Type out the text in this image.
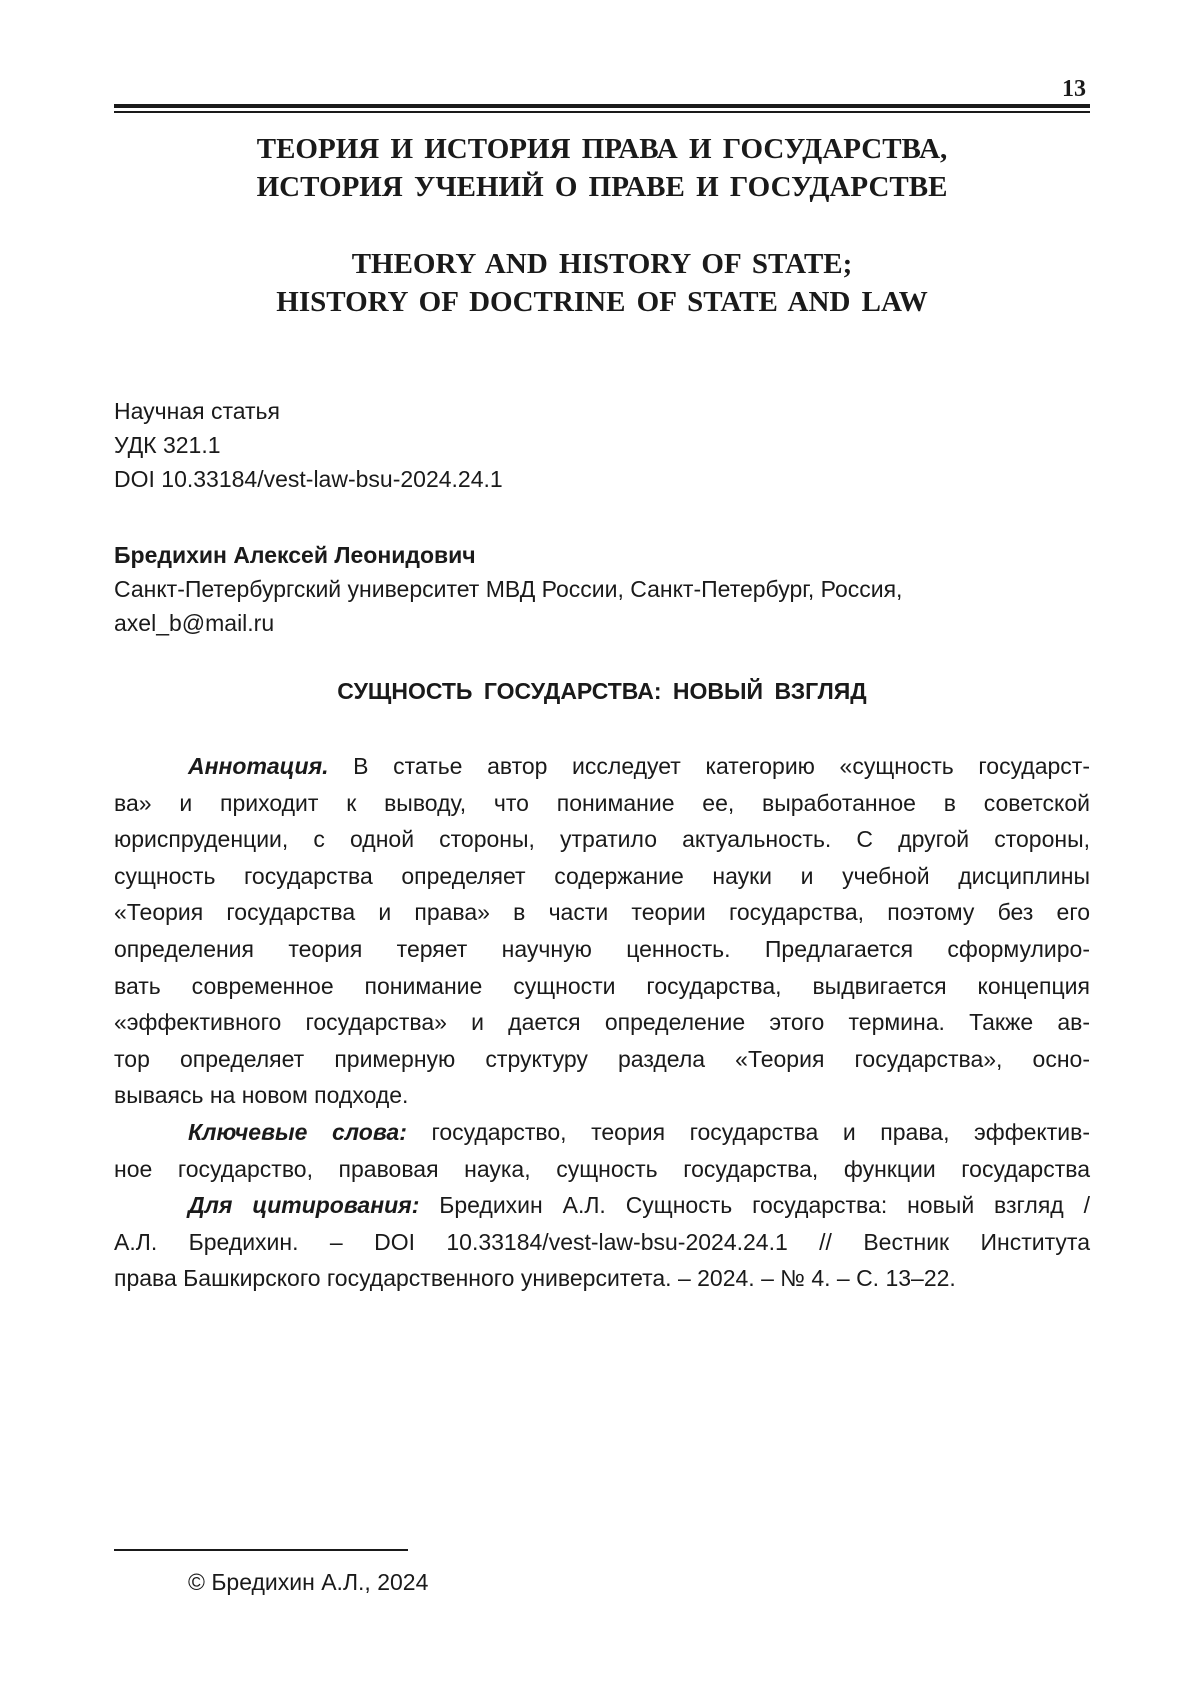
13
ТЕОРИЯ И ИСТОРИЯ ПРАВА И ГОСУДАРСТВА,
ИСТОРИЯ УЧЕНИЙ О ПРАВЕ И ГОСУДАРСТВЕ
THEORY AND HISTORY OF STATE;
HISTORY OF DOCTRINE OF STATE AND LAW
Научная статья
УДК 321.1
DOI 10.33184/vest-law-bsu-2024.24.1
Бредихин Алексей Леонидович
Санкт-Петербургский университет МВД России, Санкт-Петербург, Россия,
axel_b@mail.ru
СУЩНОСТЬ ГОСУДАРСТВА: НОВЫЙ ВЗГЛЯД
Аннотация. В статье автор исследует категорию «сущность государст-
ва» и приходит к выводу, что понимание ее, выработанное в советской
юриспруденции, с одной стороны, утратило актуальность. С другой стороны,
сущность государства определяет содержание науки и учебной дисциплины
«Теория государства и права» в части теории государства, поэтому без его
определения теория теряет научную ценность. Предлагается сформулиро-
вать современное понимание сущности государства, выдвигается концепция
«эффективного государства» и дается определение этого термина. Также ав-
тор определяет примерную структуру раздела «Теория государства», осно-
вываясь на новом подходе.
Ключевые слова: государство, теория государства и права, эффектив-
ное государство, правовая наука, сущность государства, функции государства
Для цитирования: Бредихин А.Л. Сущность государства: новый взгляд /
А.Л. Бредихин. – DOI 10.33184/vest-law-bsu-2024.24.1 // Вестник Института
права Башкирского государственного университета. – 2024. – № 4. – С. 13–22.
© Бредихин А.Л., 2024
